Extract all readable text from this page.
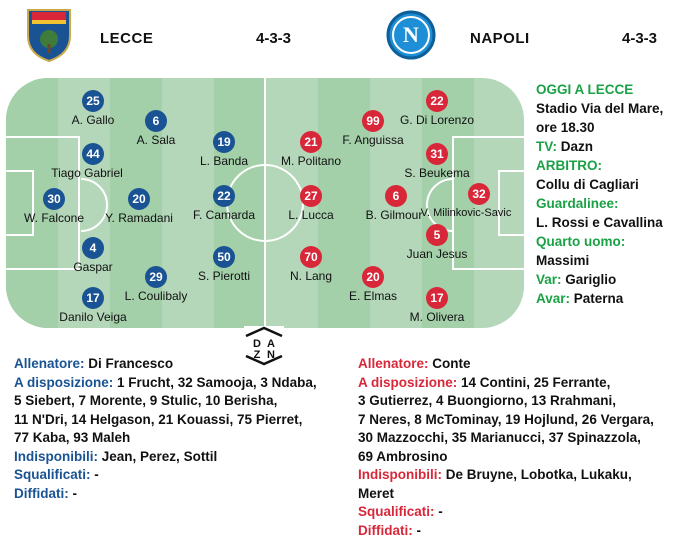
LECCE	4-3-3	N	NAPOLI	4-3-3
25
A. Gallo
44
Tiago Gabriel
30
W. Falcone
4
Gaspar
17
Danilo Veiga
6
A. Sala
20
Y. Ramadani
29
L. Coulibaly
19
L. Banda
22
F. Camarda
50
S. Pierotti
21
M. Politano
27
L. Lucca
70
N. Lang
99
F. Anguissa
6
B. Gilmour
20
E. Elmas
22
G. Di Lorenzo
31
S. Beukema
5
Juan Jesus
17
M. Olivera
32
V. Milinkovic-Savic
OGGI A LECCE
Stadio Via del Mare,
ore 18.30
TV: Dazn
ARBITRO:
Collu di Cagliari
Guardalinee:
L. Rossi e Cavallina
Quarto uomo:
Massimi
Var: Gariglio
Avar: Paterna
D A
Z N
Allenatore: Di Francesco
A disposizione: 1 Frucht, 32 Samooja, 3 Ndaba,
5 Siebert, 7 Morente, 9 Stulic, 10 Berisha,
11 N'Dri, 14 Helgason, 21 Kouassi, 75 Pierret,
77 Kaba, 93 Maleh
Indisponibili: Jean, Perez, Sottil
Squalificati: -
Diffidati: -
Allenatore: Conte
A disposizione: 14 Contini, 25 Ferrante,
3 Gutierrez, 4 Buongiorno, 13 Rrahmani,
7 Neres, 8 McTominay, 19 Hojlund, 26 Vergara,
30 Mazzocchi, 35 Marianucci, 37 Spinazzola,
69 Ambrosino
Indisponibili: De Bruyne, Lobotka, Lukaku,
Meret
Squalificati: -
Diffidati: -
